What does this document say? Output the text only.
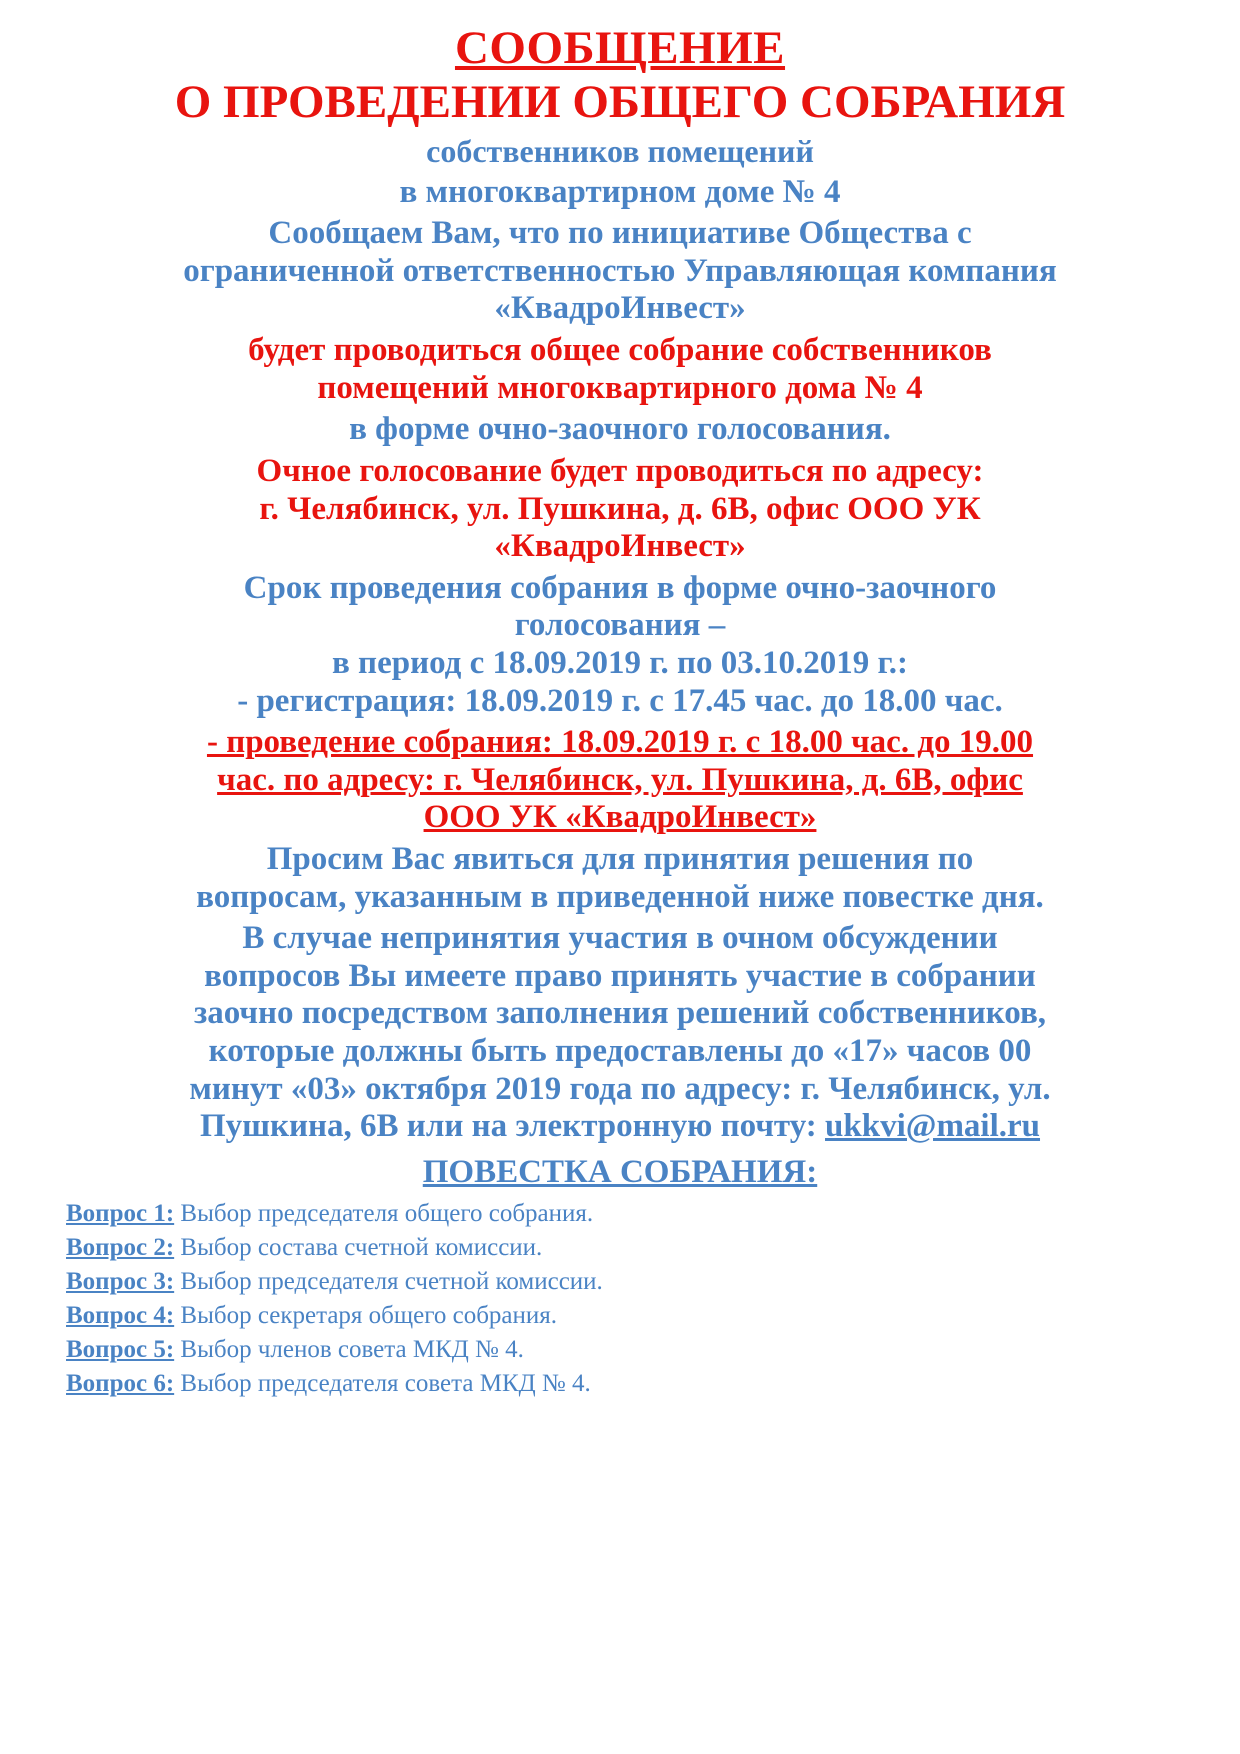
СООБЩЕНИЕ
О ПРОВЕДЕНИИ ОБЩЕГО СОБРАНИЯ
собственников помещений
в многоквартирном доме № 4
Сообщаем Вам, что по инициативе Общества с
ограниченной ответственностью Управляющая компания
«КвадроИнвест»
будет проводиться общее собрание собственников
помещений многоквартирного дома № 4
в форме очно-заочного голосования.
Очное голосование будет проводиться по адресу:
г. Челябинск, ул. Пушкина, д. 6В, офис ООО УК
«КвадроИнвест»
Срок проведения собрания в форме очно-заочного
голосования –
в период с 18.09.2019 г. по 03.10.2019 г.:
- регистрация: 18.09.2019 г. с 17.45 час. до 18.00 час.
- проведение собрания: 18.09.2019 г. с 18.00 час. до 19.00
час. по адресу: г. Челябинск, ул. Пушкина, д. 6В, офис
ООО УК «КвадроИнвест»
Просим Вас явиться для принятия решения по
вопросам, указанным в приведенной ниже повестке дня.
В случае непринятия участия в очном обсуждении
вопросов Вы имеете право принять участие в собрании
заочно посредством заполнения решений собственников,
которые должны быть предоставлены до «17» часов 00
минут «03» октября 2019 года по адресу: г. Челябинск, ул.
Пушкина, 6В или на электронную почту: ukkvi@mail.ru
ПОВЕСТКА СОБРАНИЯ:
Вопрос 1: Выбор председателя общего собрания.
Вопрос 2: Выбор состава счетной комиссии.
Вопрос 3: Выбор председателя счетной комиссии.
Вопрос 4: Выбор секретаря общего собрания.
Вопрос 5: Выбор членов совета МКД № 4.
Вопрос 6: Выбор председателя совета МКД № 4.
